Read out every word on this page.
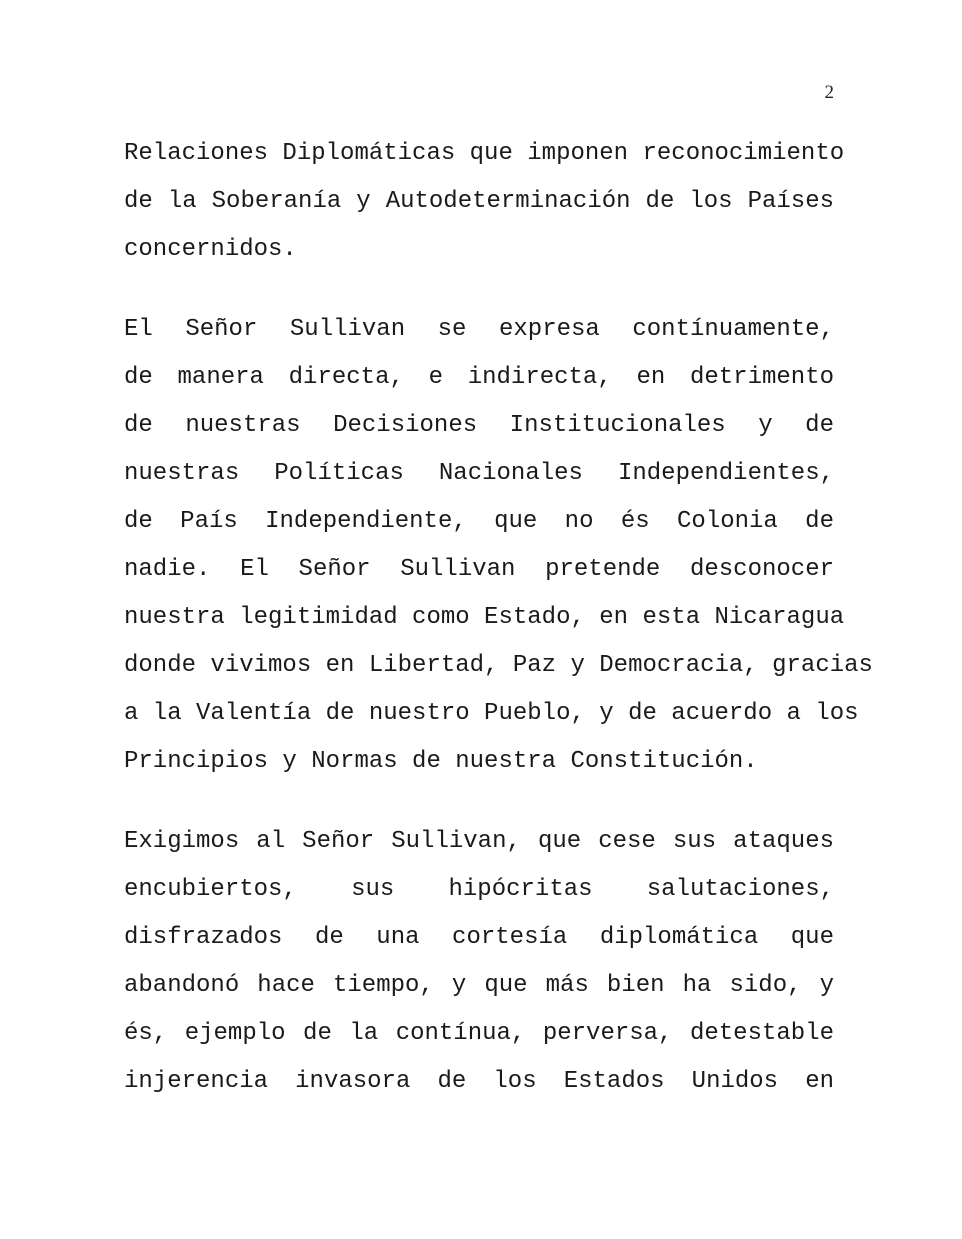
2
Relaciones Diplomáticas que imponen reconocimiento
de la Soberanía y Autodeterminación de los Países
concernidos.
El Señor Sullivan se expresa contínuamente,
de manera directa, e indirecta, en detrimento
de nuestras Decisiones Institucionales y de
nuestras Políticas Nacionales Independientes,
de País Independiente, que no és Colonia de
nadie. El Señor Sullivan pretende desconocer
nuestra legitimidad como Estado, en esta Nicaragua
donde vivimos en Libertad, Paz y Democracia, gracias
a la Valentía de nuestro Pueblo, y de acuerdo a los
Principios y Normas de nuestra Constitución.
Exigimos al Señor Sullivan, que cese sus ataques
encubiertos, sus hipócritas salutaciones,
disfrazados de una cortesía diplomática que
abandonó hace tiempo, y que más bien ha sido, y
és, ejemplo de la contínua, perversa, detestable
injerencia invasora de los Estados Unidos en
